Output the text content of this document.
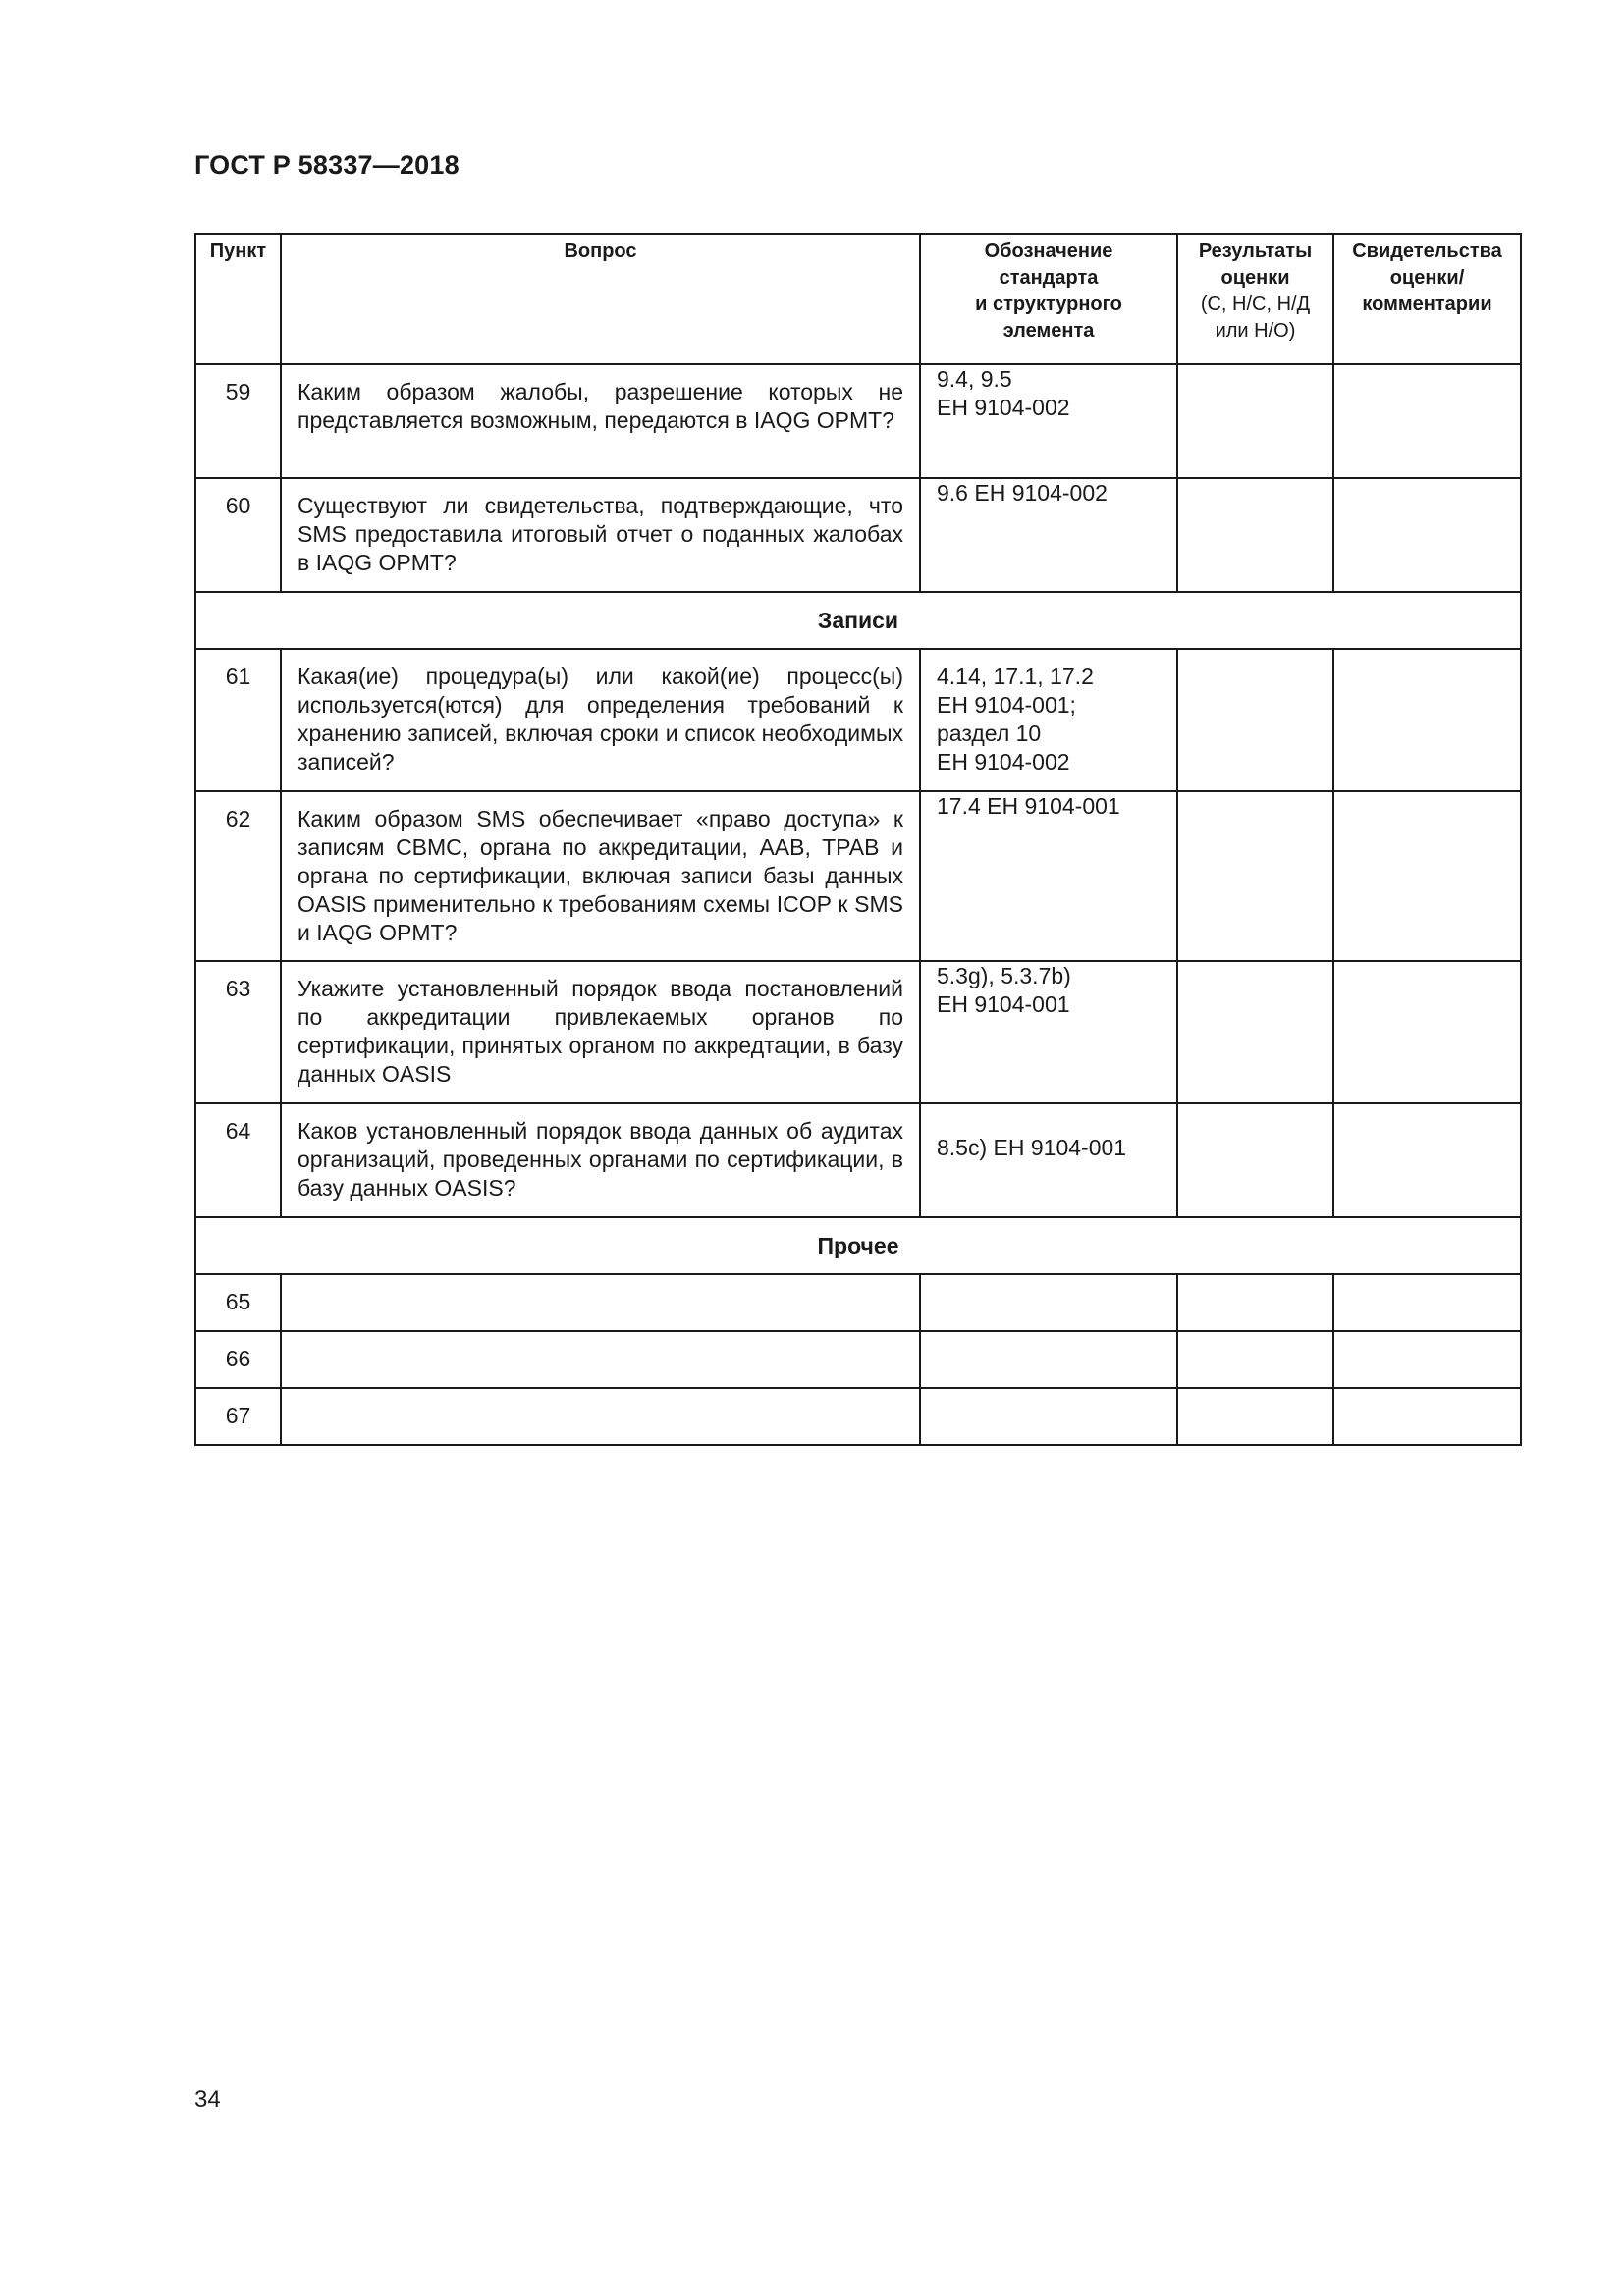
ГОСТ Р 58337—2018
Пункт	Вопрос	Обозначение
стандарта
и структурного
элемента	Результаты
оценки
(С, Н/С, Н/Д
или Н/О)	Свидетельства
оценки/
комментарии
59	Каким образом жалобы, разрешение которых не представляется возможным, передаются в IAQG OPMT?	9.4, 9.5
ЕН 9104-002		
60	Существуют ли свидетельства, подтверждающие, что SMS предоставила итоговый отчет о поданных жалобах в IAQG OPMT?	9.6 ЕН 9104-002		
Записи				
61	Какая(ие) процедура(ы) или какой(ие) процесс(ы) используется(ются) для определения требований к хранению записей, включая сроки и список необходимых записей?	4.14, 17.1, 17.2
ЕН 9104-001;
раздел 10
ЕН 9104-002		
62	Каким образом SMS обеспечивает «право доступа» к записям CBMC, органа по аккредитации, AAB, TPAB и органа по сертификации, включая записи базы данных OASIS применительно к требованиям схемы ICOP к SMS и IAQG OPMT?	17.4 ЕН 9104-001		
63	Укажите установленный порядок ввода постановлений по аккредитации привлекаемых органов по сертификации, принятых органом по аккредтации, в базу данных OASIS	5.3g), 5.3.7b)
ЕН 9104-001		
64	Каков установленный порядок ввода данных об аудитах организаций, проведенных органами по сертификации, в базу данных OASIS?	8.5c) ЕН 9104-001		
Прочее				
65				
66				
67				
34
